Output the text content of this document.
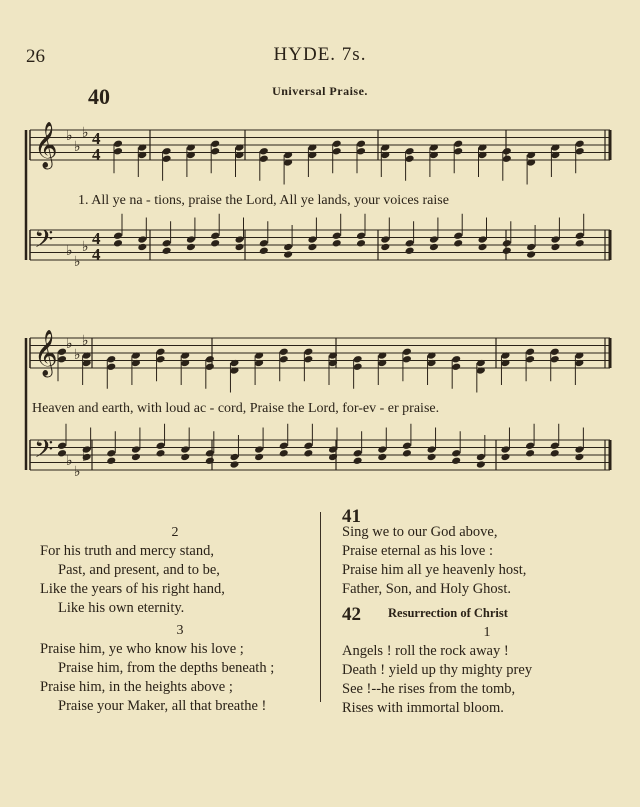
26	HYDE. 7s.
40	Universal Praise.
𝄞 ♭
♭
♭ 4
4
𝄢 ♭
♭
♭ 4
4
𝄞 ♭
♭
♭
𝄢 ♭
♭
1. All ye na - tions, praise the Lord, All ye lands, your voices raise
Heaven and earth, with loud ac - cord, Praise the Lord, for-ev - er praise.
2
For his truth and mercy stand,
Past, and present, and to be,
Like the years of his right hand,
Like his own eternity.
3
Praise him, ye who know his love ;
Praise him, from the depths beneath ;
Praise him, in the heights above ;
Praise your Maker, all that breathe !
41
Sing we to our God above,
Praise eternal as his love :
Praise him all ye heavenly host,
Father, Son, and Holy Ghost.
42 Resurrection of Christ
1
Angels ! roll the rock away !
Death ! yield up thy mighty prey
See !--he rises from the tomb,
Rises with immortal bloom.
